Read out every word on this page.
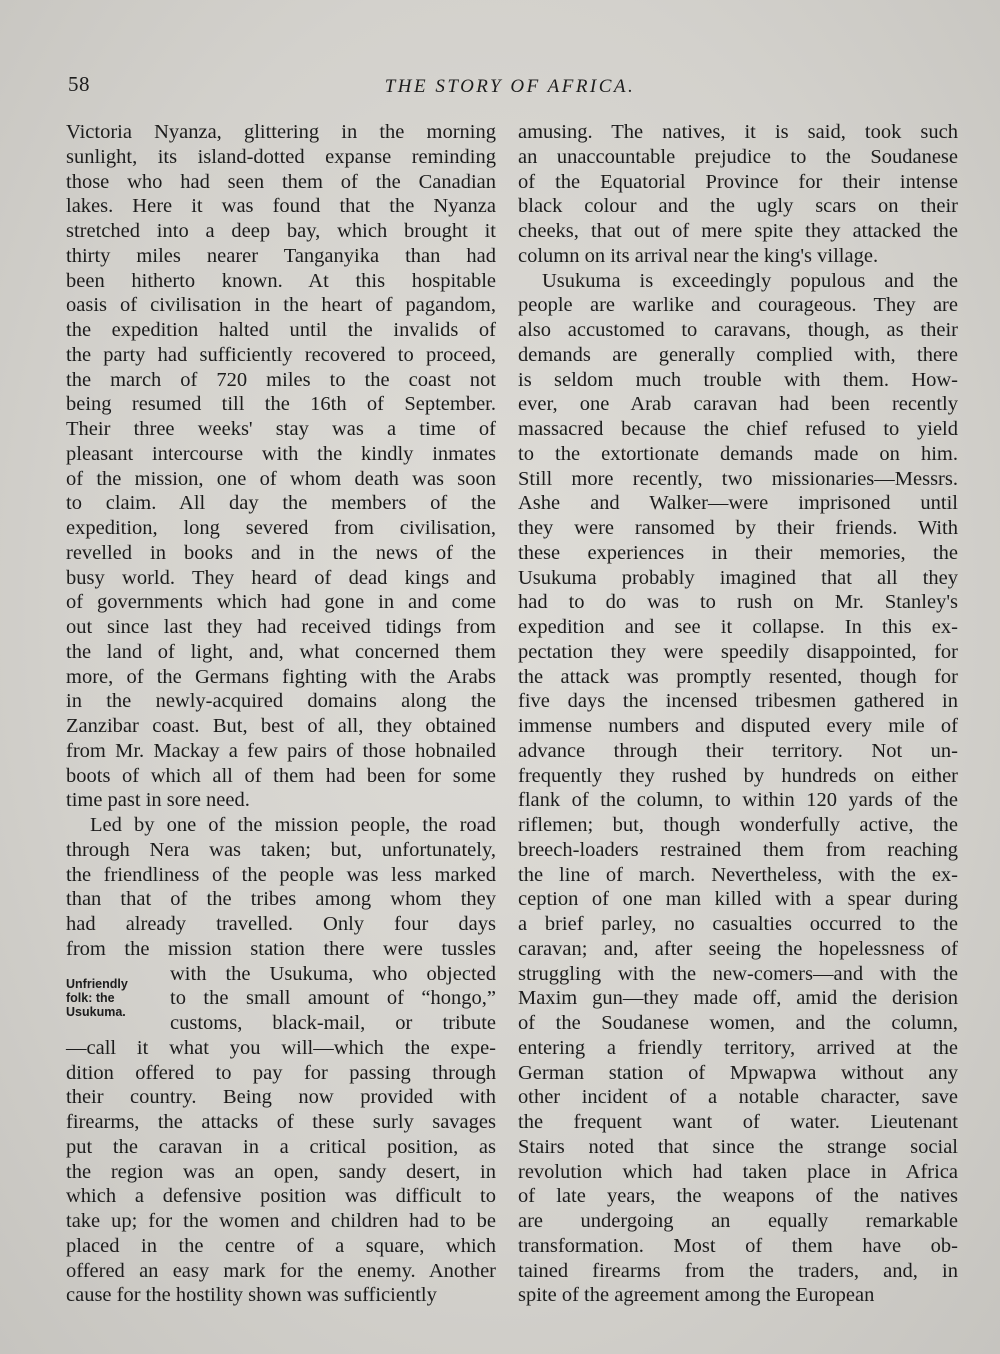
58	THE STORY OF AFRICA.
Victoria Nyanza, glittering in the morning
sunlight, its island-dotted expanse reminding
those who had seen them of the Canadian
lakes. Here it was found that the Nyanza
stretched into a deep bay, which brought it
thirty miles nearer Tanganyika than had
been hitherto known. At this hospitable
oasis of civilisation in the heart of pagandom,
the expedition halted until the invalids of
the party had sufficiently recovered to proceed,
the march of 720 miles to the coast not
being resumed till the 16th of September.
Their three weeks' stay was a time of
pleasant intercourse with the kindly inmates
of the mission, one of whom death was soon
to claim. All day the members of the
expedition, long severed from civilisation,
revelled in books and in the news of the
busy world. They heard of dead kings and
of governments which had gone in and come
out since last they had received tidings from
the land of light, and, what concerned them
more, of the Germans fighting with the Arabs
in the newly-acquired domains along the
Zanzibar coast. But, best of all, they obtained
from Mr. Mackay a few pairs of those hobnailed
boots of which all of them had been for some
time past in sore need.
Led by one of the mission people, the road
through Nera was taken; but, unfortunately,
the friendliness of the people was less marked
than that of the tribes among whom they
had already travelled. Only four days
from the mission station there were tussles
with the Usukuma, who objected
to the small amount of “hongo,”
customs, black-mail, or tribute
—call it what you will—which the expe-
dition offered to pay for passing through
their country. Being now provided with
firearms, the attacks of these surly savages
put the caravan in a critical position, as
the region was an open, sandy desert, in
which a defensive position was difficult to
take up; for the women and children had to be
placed in the centre of a square, which
offered an easy mark for the enemy. Another
cause for the hostility shown was sufficiently
amusing. The natives, it is said, took such
an unaccountable prejudice to the Soudanese
of the Equatorial Province for their intense
black colour and the ugly scars on their
cheeks, that out of mere spite they attacked the
column on its arrival near the king's village.
Usukuma is exceedingly populous and the
people are warlike and courageous. They are
also accustomed to caravans, though, as their
demands are generally complied with, there
is seldom much trouble with them. How-
ever, one Arab caravan had been recently
massacred because the chief refused to yield
to the extortionate demands made on him.
Still more recently, two missionaries—Messrs.
Ashe and Walker—were imprisoned until
they were ransomed by their friends. With
these experiences in their memories, the
Usukuma probably imagined that all they
had to do was to rush on Mr. Stanley's
expedition and see it collapse. In this ex-
pectation they were speedily disappointed, for
the attack was promptly resented, though for
five days the incensed tribesmen gathered in
immense numbers and disputed every mile of
advance through their territory. Not un-
frequently they rushed by hundreds on either
flank of the column, to within 120 yards of the
riflemen; but, though wonderfully active, the
breech-loaders restrained them from reaching
the line of march. Nevertheless, with the ex-
ception of one man killed with a spear during
a brief parley, no casualties occurred to the
caravan; and, after seeing the hopelessness of
struggling with the new-comers—and with the
Maxim gun—they made off, amid the derision
of the Soudanese women, and the column,
entering a friendly territory, arrived at the
German station of Mpwapwa without any
other incident of a notable character, save
the frequent want of water. Lieutenant
Stairs noted that since the strange social
revolution which had taken place in Africa
of late years, the weapons of the natives
are undergoing an equally remarkable
transformation. Most of them have ob-
tained firearms from the traders, and, in
spite of the agreement among the European
Unfriendly
folk: the
Usukuma.
